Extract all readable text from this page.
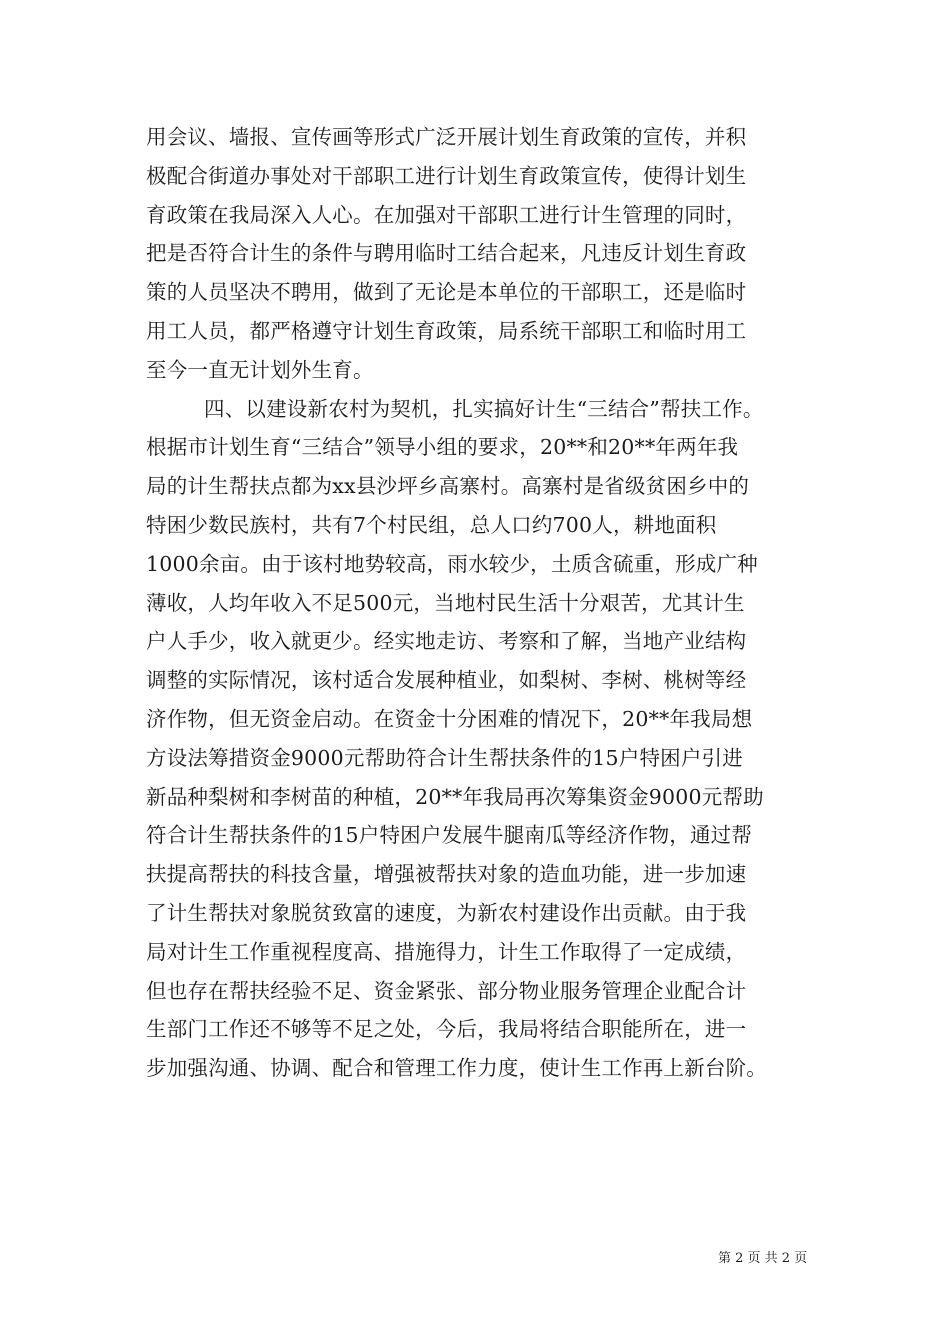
用会议、墙报、宣传画等形式广泛开展计划生育政策的宣传，并积
极配合街道办事处对干部职工进行计划生育政策宣传，使得计划生
育政策在我局深入人心。在加强对干部职工进行计生管理的同时，
把是否符合计生的条件与聘用临时工结合起来，凡违反计划生育政
策的人员坚决不聘用，做到了无论是本单位的干部职工，还是临时
用工人员，都严格遵守计划生育政策，局系统干部职工和临时用工
至今一直无计划外生育。
四、以建设新农村为契机，扎实搞好计生“三结合”帮扶工作。
根据市计划生育“三结合”领导小组的要求，20**和20**年两年我
局的计生帮扶点都为xx县沙坪乡高寨村。高寨村是省级贫困乡中的
特困少数民族村，共有7个村民组，总人口约700人，耕地面积
1000余亩。由于该村地势较高，雨水较少，土质含硫重，形成广种
薄收，人均年收入不足500元，当地村民生活十分艰苦，尤其计生
户人手少，收入就更少。经实地走访、考察和了解，当地产业结构
调整的实际情况，该村适合发展种植业，如梨树、李树、桃树等经
济作物，但无资金启动。在资金十分困难的情况下，20**年我局想
方设法筹措资金9000元帮助符合计生帮扶条件的15户特困户引进
新品种梨树和李树苗的种植，20**年我局再次筹集资金9000元帮助
符合计生帮扶条件的15户特困户发展牛腿南瓜等经济作物，通过帮
扶提高帮扶的科技含量，增强被帮扶对象的造血功能，进一步加速
了计生帮扶对象脱贫致富的速度，为新农村建设作出贡献。由于我
局对计生工作重视程度高、措施得力，计生工作取得了一定成绩，
但也存在帮扶经验不足、资金紧张、部分物业服务管理企业配合计
生部门工作还不够等不足之处，今后，我局将结合职能所在，进一
步加强沟通、协调、配合和管理工作力度，使计生工作再上新台阶。
第 2 页 共 2 页
